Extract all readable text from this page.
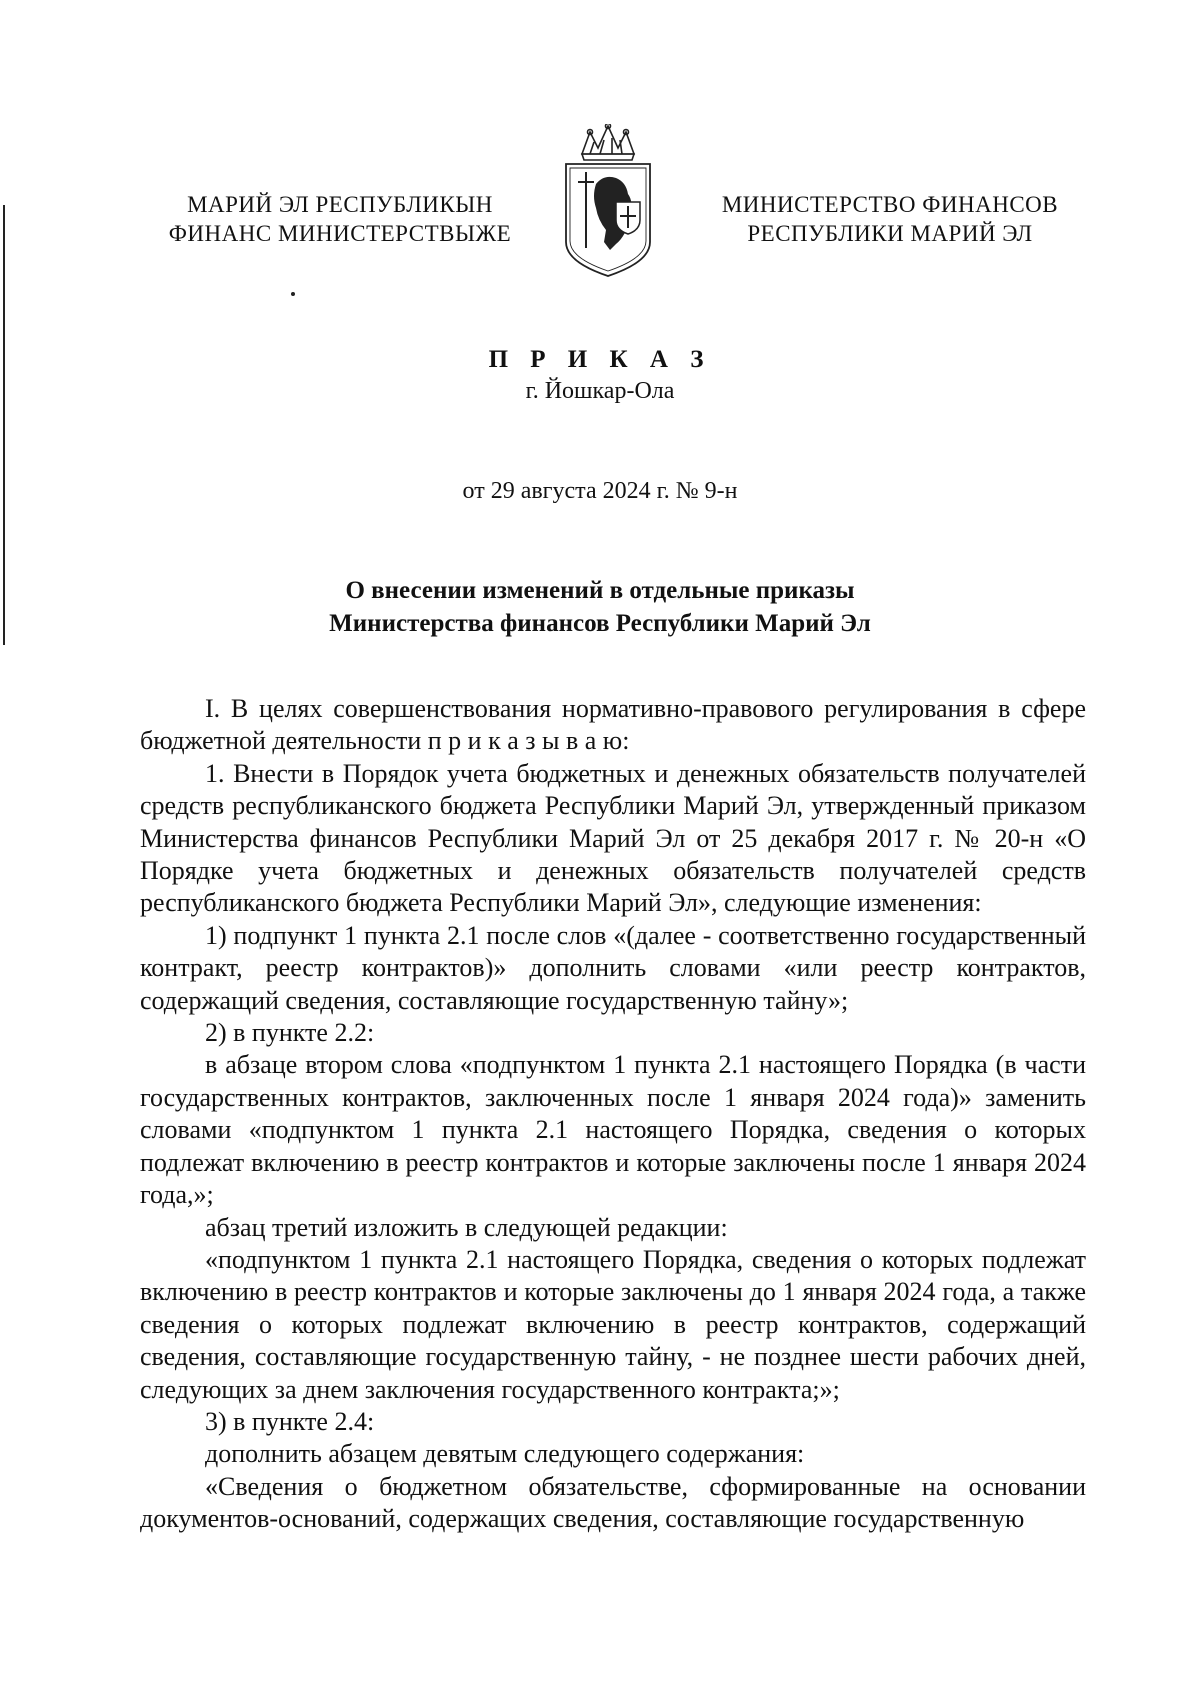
МАРИЙ ЭЛ РЕСПУБЛИКЫН
ФИНАНС МИНИСТЕРСТВЫЖЕ
МИНИСТЕРСТВО ФИНАНСОВ
РЕСПУБЛИКИ МАРИЙ ЭЛ
П Р И К А З
г. Йошкар-Ола
от 29 августа 2024 г. № 9-н
О внесении изменений в отдельные приказы
Министерства финансов Республики Марий Эл

I. В целях совершенствования нормативно-правового регулирования в сфере бюджетной деятельности п р и к а з ы в а ю:

1. Внести в Порядок учета бюджетных и денежных обязательств получателей средств республиканского бюджета Республики Марий Эл, утвержденный приказом Министерства финансов Республики Марий Эл от 25 декабря 2017 г. № 20-н «О Порядке учета бюджетных и денежных обязательств получателей средств республиканского бюджета Республики Марий Эл», следующие изменения:

1) подпункт 1 пункта 2.1 после слов «(далее - соответственно государственный контракт, реестр контрактов)» дополнить словами «или реестр контрактов, содержащий сведения, составляющие государственную тайну»;

2) в пункте 2.2:

в абзаце втором слова «подпунктом 1 пункта 2.1 настоящего Порядка (в части государственных контрактов, заключенных после 1 января 2024 года)» заменить словами «подпунктом 1 пункта 2.1 настоящего Порядка, сведения о которых подлежат включению в реестр контрактов и которые заключены после 1 января 2024 года,»;

абзац третий изложить в следующей редакции:

«подпунктом 1 пункта 2.1 настоящего Порядка, сведения о которых подлежат включению в реестр контрактов и которые заключены до 1 января 2024 года, а также сведения о которых подлежат включению в реестр контрактов, содержащий сведения, составляющие государственную тайну, - не позднее шести рабочих дней, следующих за днем заключения государственного контракта;»;

3) в пункте 2.4:

дополнить абзацем девятым следующего содержания:

«Сведения о бюджетном обязательстве, сформированные на основании документов-оснований, содержащих сведения, составляющие государственную
